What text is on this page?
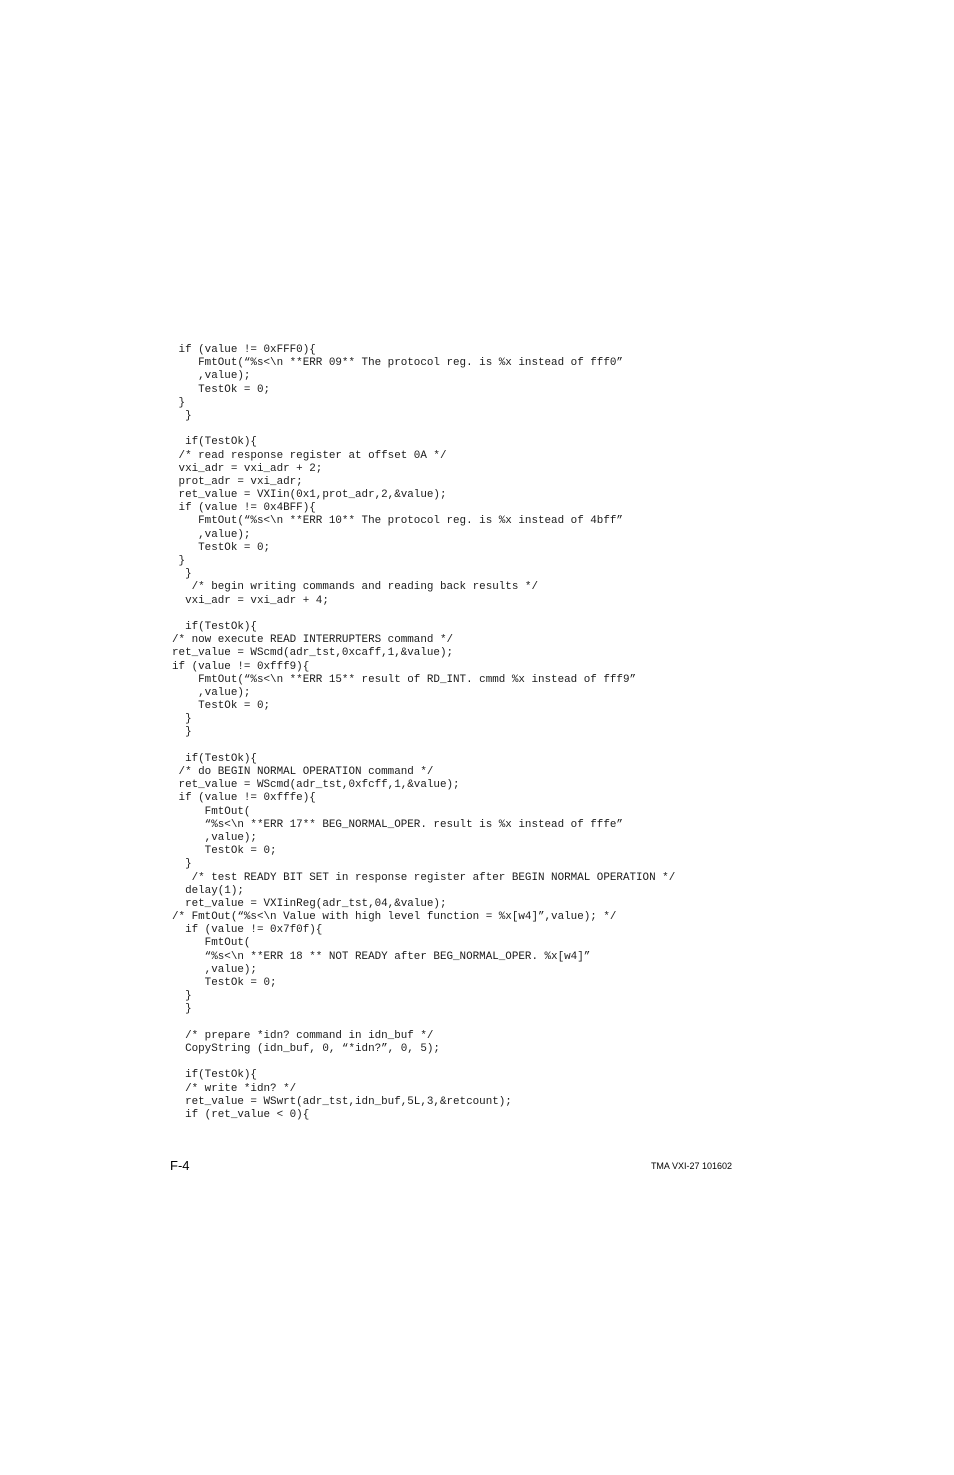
if (value != 0xFFF0){
FmtOut(“%s<\n **ERR 09** The protocol reg. is %x instead of fff0”
,value);
TestOk = 0;
}
}

if(TestOk){
/* read response register at offset 0A */
vxi_adr = vxi_adr + 2;
prot_adr = vxi_adr;
ret_value = VXIin(0x1,prot_adr,2,&value);
if (value != 0x4BFF){
FmtOut(“%s<\n **ERR 10** The protocol reg. is %x instead of 4bff”
,value);
TestOk = 0;
}
}
/* begin writing commands and reading back results */
vxi_adr = vxi_adr + 4;

if(TestOk){
/* now execute READ INTERRUPTERS command */
ret_value = WScmd(adr_tst,0xcaff,1,&value);
if (value != 0xfff9){
FmtOut(“%s<\n **ERR 15** result of RD_INT. cmmd %x instead of fff9”
,value);
TestOk = 0;
}
}

if(TestOk){
/* do BEGIN NORMAL OPERATION command */
ret_value = WScmd(adr_tst,0xfcff,1,&value);
if (value != 0xfffe){
FmtOut(
“%s<\n **ERR 17** BEG_NORMAL_OPER. result is %x instead of fffe”
,value);
TestOk = 0;
}
/* test READY BIT SET in response register after BEGIN NORMAL OPERATION */
delay(1);
ret_value = VXIinReg(adr_tst,04,&value);
/* FmtOut(“%s<\n Value with high level function = %x[w4]”,value); */
if (value != 0x7f0f){
FmtOut(
“%s<\n **ERR 18 ** NOT READY after BEG_NORMAL_OPER. %x[w4]”
,value);
TestOk = 0;
}
}

/* prepare *idn? command in idn_buf */
CopyString (idn_buf, 0, “*idn?”, 0, 5);

if(TestOk){
/* write *idn? */
ret_value = WSwrt(adr_tst,idn_buf,5L,3,&retcount);
if (ret_value < 0){
F-4	TMA VXI-27 101602
